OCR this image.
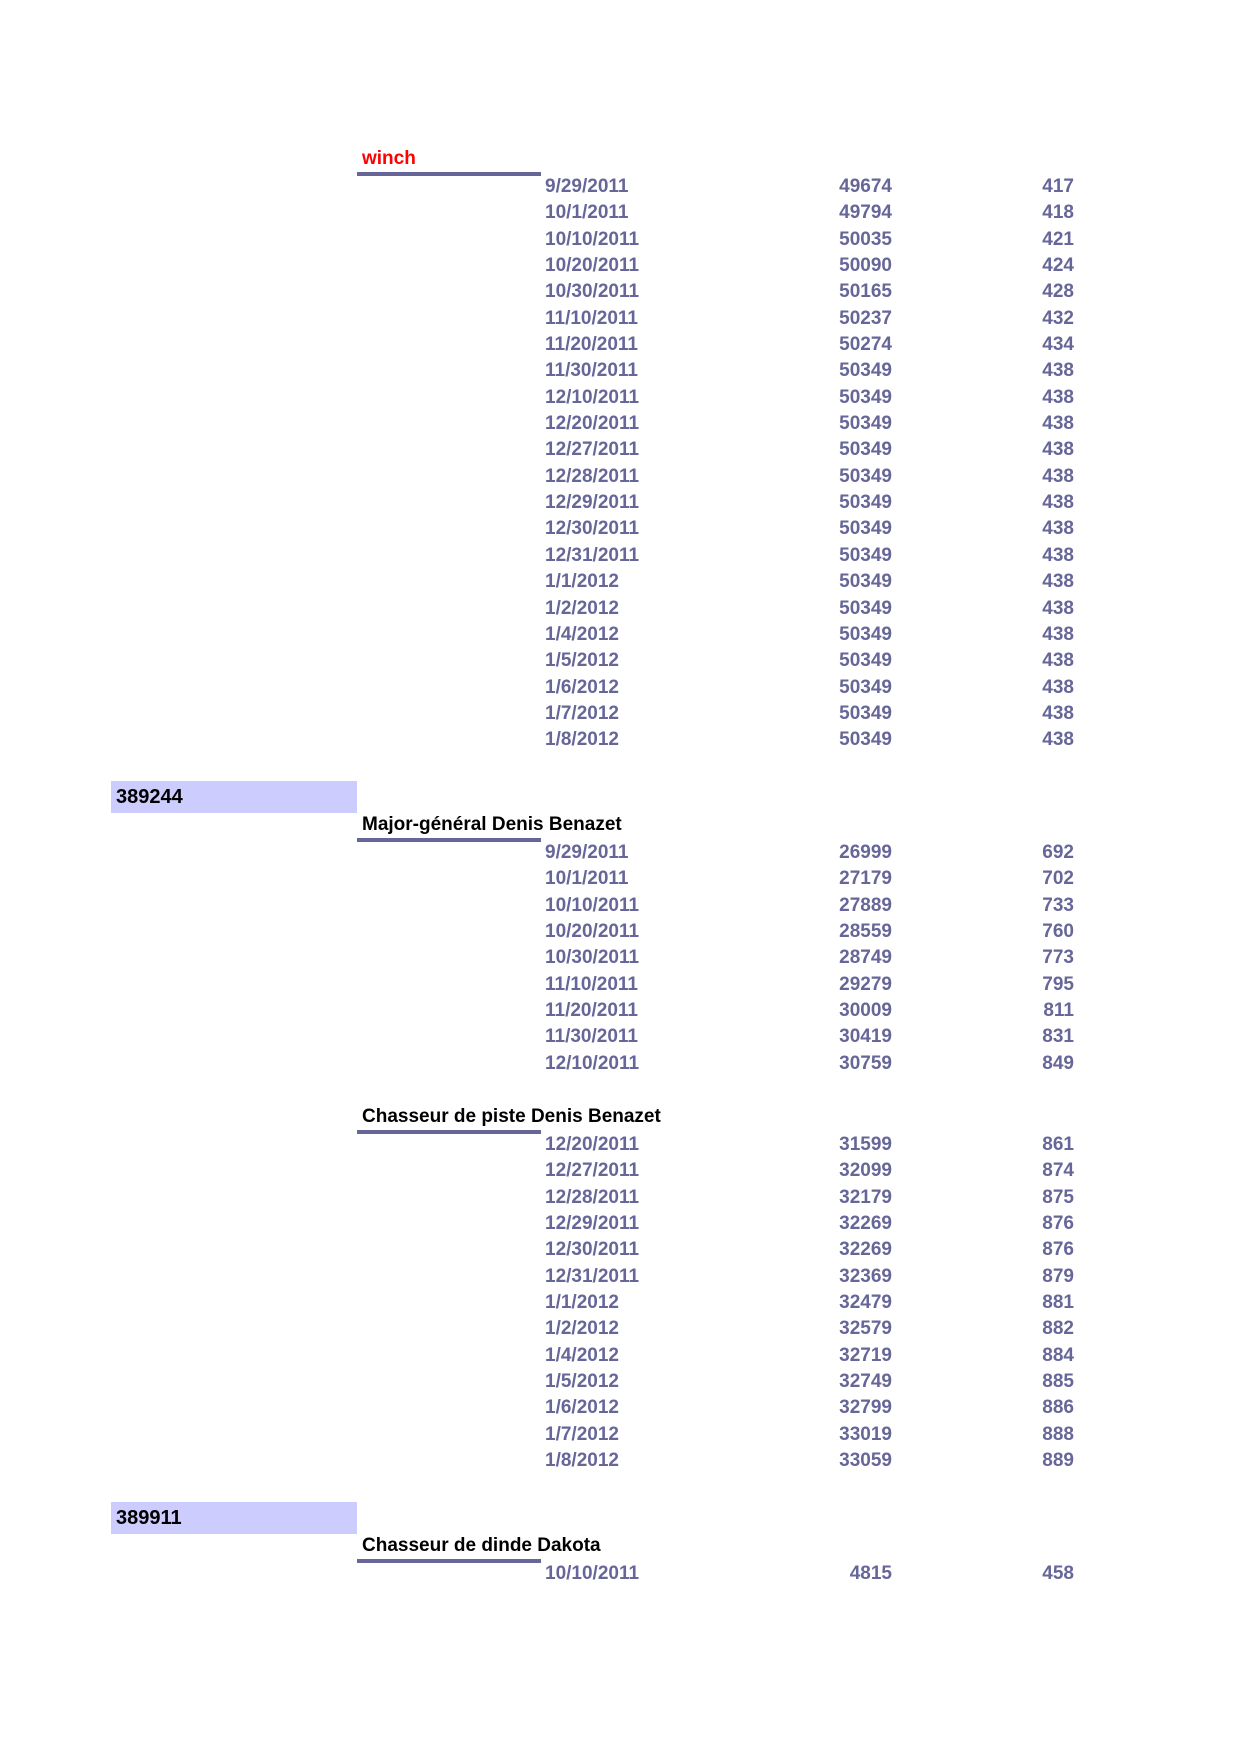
winch
9/29/2011	49674	417
10/1/2011	49794	418
10/10/2011	50035	421
10/20/2011	50090	424
10/30/2011	50165	428
11/10/2011	50237	432
11/20/2011	50274	434
11/30/2011	50349	438
12/10/2011	50349	438
12/20/2011	50349	438
12/27/2011	50349	438
12/28/2011	50349	438
12/29/2011	50349	438
12/30/2011	50349	438
12/31/2011	50349	438
1/1/2012	50349	438
1/2/2012	50349	438
1/4/2012	50349	438
1/5/2012	50349	438
1/6/2012	50349	438
1/7/2012	50349	438
1/8/2012	50349	438
389244
Major-général Denis Benazet
9/29/2011	26999	692
10/1/2011	27179	702
10/10/2011	27889	733
10/20/2011	28559	760
10/30/2011	28749	773
11/10/2011	29279	795
11/20/2011	30009	811
11/30/2011	30419	831
12/10/2011	30759	849
Chasseur de piste Denis Benazet
12/20/2011	31599	861
12/27/2011	32099	874
12/28/2011	32179	875
12/29/2011	32269	876
12/30/2011	32269	876
12/31/2011	32369	879
1/1/2012	32479	881
1/2/2012	32579	882
1/4/2012	32719	884
1/5/2012	32749	885
1/6/2012	32799	886
1/7/2012	33019	888
1/8/2012	33059	889
389911
Chasseur de dinde Dakota
10/10/2011	4815	458
